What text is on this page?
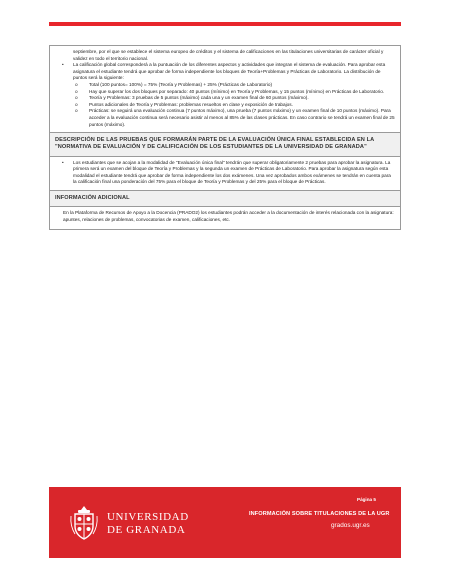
septiembre, por el que se establece el sistema europeo de créditos y el sistema de calificaciones en las titulaciones universitarias de carácter oficial y validez en todo el territorio nacional.
• La calificación global corresponderá a la puntuación de los diferentes aspectos y actividades que integran el sistema de evaluación. Para aprobar esta asignatura el estudiante tendrá que aprobar de forma independiente los bloques de Teoría+Problemas y Prácticas de Laboratorio. La distribución de puntos será la siguiente:
o Total (100 puntos= 100%) = 75% (Teoría y Problemas) + 25% (Prácticas de Laboratorio)
o Hay que superar los dos bloques por separado: 40 puntos (mínimo) en Teoría y Problemas, y 15 puntos (mínimo) en Prácticas de Laboratorio.
o Teoría y Problemas: 3 pruebas de 5 puntos (máximo) cada una y un examen final de 60 puntos (máximo).
o Puntos adicionales de Teoría y Problemas: problemas resueltos en clase y exposición de trabajos.
o Prácticas: se seguirá una evaluación continua (7 puntos máximo), una prueba (7 puntos máximo) y un examen final de 10 puntos (máximo). Para acceder a la evaluación continua será necesario asistir al menos al 85% de las clases prácticas. En caso contrario se tendrá un examen final de 25 puntos (máximo).
DESCRIPCIÓN DE LAS PRUEBAS QUE FORMARÁN PARTE DE LA EVALUACIÓN ÚNICA FINAL ESTABLECIDA EN LA "NORMATIVA DE EVALUACIÓN Y DE CALIFICACIÓN DE LOS ESTUDIANTES DE LA UNIVERSIDAD DE GRANADA"
• Los estudiantes que se acojan a la modalidad de "Evaluación única final" tendrán que superar obligatoriamente 2 pruebas para aprobar la asignatura. La primera será un examen del bloque de Teoría y Problemas y la segunda un examen de Prácticas de Laboratorio. Para aprobar la asignatura según esta modalidad el estudiante tendrá que aprobar de forma independiente los dos exámenes. Una vez aprobados ambos exámenes se tendrán en cuenta para la calificación final una ponderación del 75% para el bloque de Teoría y Problemas y del 25% para el bloque de Prácticas.
INFORMACIÓN ADICIONAL
En la Plataforma de Recursos de Apoyo a la Docencia (PRADO2) los estudiantes podrán acceder a la documentación de interés relacionada con la asignatura: apuntes, relaciones de problemas, convocatorias de examen, calificaciones, etc.
UNIVERSIDAD
DE GRANADA
Página 5
INFORMACIÓN SOBRE TITULACIONES DE LA UGR
grados.ugr.es
